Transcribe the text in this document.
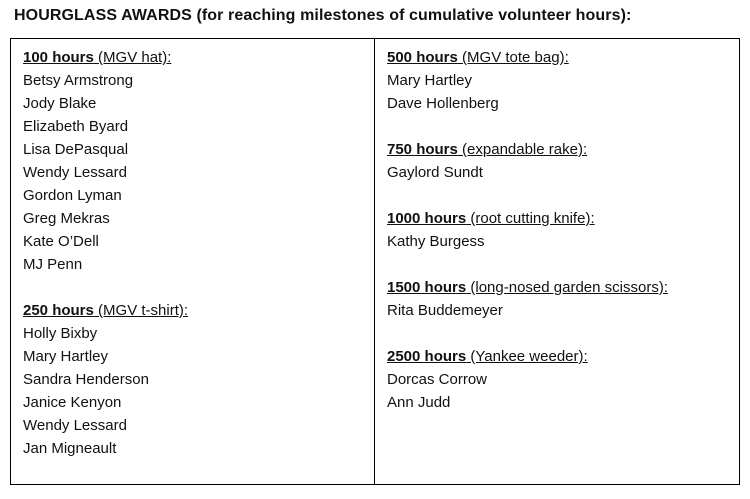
HOURGLASS AWARDS (for reaching milestones of cumulative volunteer hours):
100 hours (MGV hat):
Betsy Armstrong
Jody Blake
Elizabeth Byard
Lisa DePasqual
Wendy Lessard
Gordon Lyman
Greg Mekras
Kate O’Dell
MJ Penn
250 hours (MGV t-shirt):
Holly Bixby
Mary Hartley
Sandra Henderson
Janice Kenyon
Wendy Lessard
Jan Migneault
500 hours (MGV tote bag):
Mary Hartley
Dave Hollenberg
750 hours (expandable rake):
Gaylord Sundt
1000 hours (root cutting knife):
Kathy Burgess
1500 hours (long-nosed garden scissors):
Rita Buddemeyer
2500 hours (Yankee weeder):
Dorcas Corrow
Ann Judd
